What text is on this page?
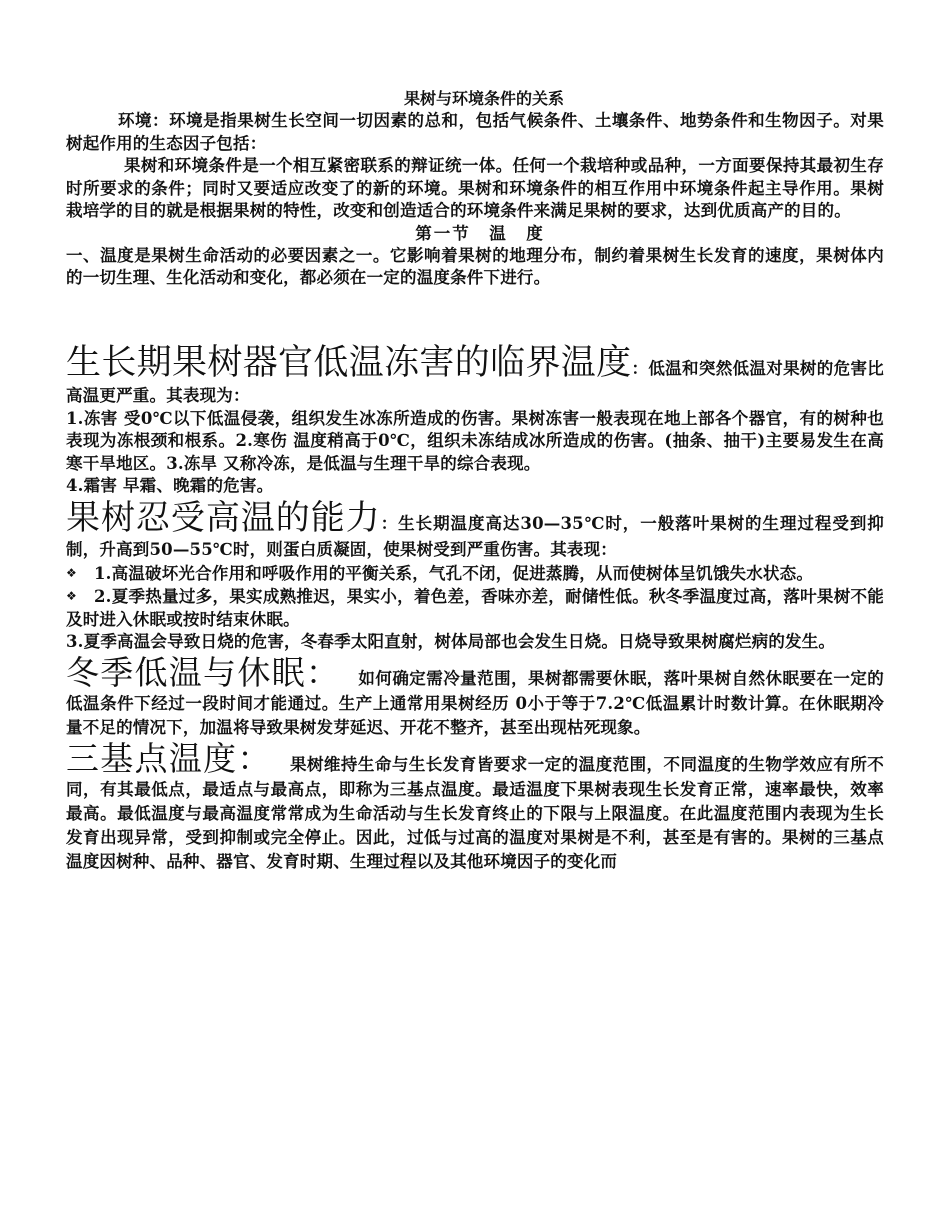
果树与环境条件的关系

环境：环境是指果树生长空间一切因素的总和，包括气候条件、土壤条件、地势条件和生物因子。对果树起作用的生态因子包括：

果树和环境条件是一个相互紧密联系的辩证统一体。任何一个栽培种或品种，一方面要保持其最初生存时所要求的条件；同时又要适应改变了的新的环境。果树和环境条件的相互作用中环境条件起主导作用。果树栽培学的目的就是根据果树的特性，改变和创造适合的环境条件来满足果树的要求，达到优质高产的目的。

第一节　温　度

一、温度是果树生命活动的必要因素之一。它影响着果树的地理分布，制约着果树生长发育的速度，果树体内的一切生理、生化活动和变化，都必须在一定的温度条件下进行。

生长期果树器官低温冻害的临界温度：低温和突然低温对果树的危害比高温更严重。其表现为：

1.冻害 受0℃以下低温侵袭，组织发生冰冻所造成的伤害。果树冻害一般表现在地上部各个器官，有的树种也表现为冻根颈和根系。2.寒伤 温度稍高于0℃，组织未冻结成冰所造成的伤害。(抽条、抽干)主要易发生在高寒干旱地区。3.冻旱 又称冷冻，是低温与生理干旱的综合表现。

4.霜害 早霜、晚霜的危害。

果树忍受高温的能力：生长期温度高达30—35℃时，一般落叶果树的生理过程受到抑制，升高到50—55℃时，则蛋白质凝固，使果树受到严重伤害。其表现：

❖ 1.高温破坏光合作用和呼吸作用的平衡关系，气孔不闭，促进蒸腾，从而使树体呈饥饿失水状态。

❖ 2.夏季热量过多，果实成熟推迟，果实小，着色差，香味亦差，耐储性低。秋冬季温度过高，落叶果树不能及时进入休眠或按时结束休眠。

3.夏季高温会导致日烧的危害，冬春季太阳直射，树体局部也会发生日烧。日烧导致果树腐烂病的发生。

冬季低温与休眠： 如何确定需冷量范围，果树都需要休眠，落叶果树自然休眠要在一定的低温条件下经过一段时间才能通过。生产上通常用果树经历 0小于等于7.2℃低温累计时数计算。在休眠期冷量不足的情况下，加温将导致果树发芽延迟、开花不整齐，甚至出现枯死现象。

三基点温度： 果树维持生命与生长发育皆要求一定的温度范围，不同温度的生物学效应有所不同，有其最低点，最适点与最高点，即称为三基点温度。最适温度下果树表现生长发育正常，速率最快，效率最高。最低温度与最高温度常常成为生命活动与生长发育终止的下限与上限温度。在此温度范围内表现为生长发育出现异常，受到抑制或完全停止。因此，过低与过高的温度对果树是不利，甚至是有害的。果树的三基点温度因树种、品种、器官、发育时期、生理过程以及其他环境因子的变化而
